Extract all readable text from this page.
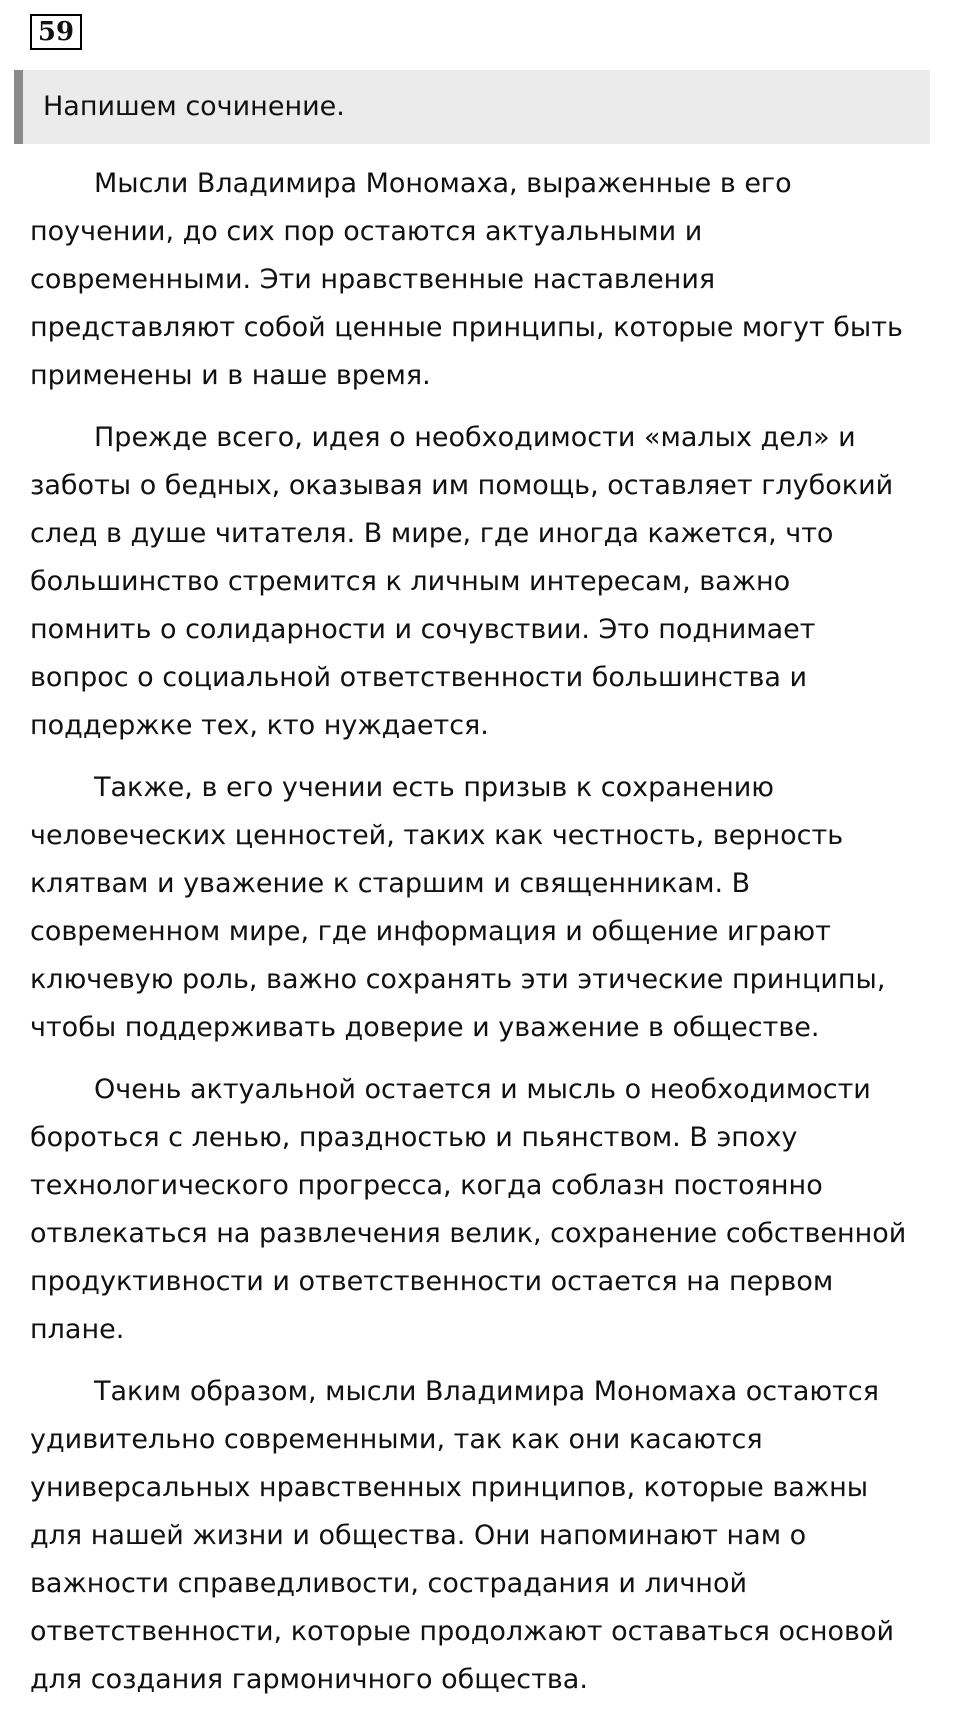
59
Напишем сочинение.

Мысли Владимира Мономаха, выраженные в его
поучении, до сих пор остаются актуальными и
современными. Эти нравственные наставления
представляют собой ценные принципы, которые могут быть
применены и в наше время.

Прежде всего, идея о необходимости «малых дел» и
заботы о бедных, оказывая им помощь, оставляет глубокий
след в душе читателя. В мире, где иногда кажется, что
большинство стремится к личным интересам, важно
помнить о солидарности и сочувствии. Это поднимает
вопрос о социальной ответственности большинства и
поддержке тех, кто нуждается.

Также, в его учении есть призыв к сохранению
человеческих ценностей, таких как честность, верность
клятвам и уважение к старшим и священникам. В
современном мире, где информация и общение играют
ключевую роль, важно сохранять эти этические принципы,
чтобы поддерживать доверие и уважение в обществе.

Очень актуальной остается и мысль о необходимости
бороться с ленью, праздностью и пьянством. В эпоху
технологического прогресса, когда соблазн постоянно
отвлекаться на развлечения велик, сохранение собственной
продуктивности и ответственности остается на первом
плане.

Таким образом, мысли Владимира Мономаха остаются
удивительно современными, так как они касаются
универсальных нравственных принципов, которые важны
для нашей жизни и общества. Они напоминают нам о
важности справедливости, сострадания и личной
ответственности, которые продолжают оставаться основой
для создания гармоничного общества.
